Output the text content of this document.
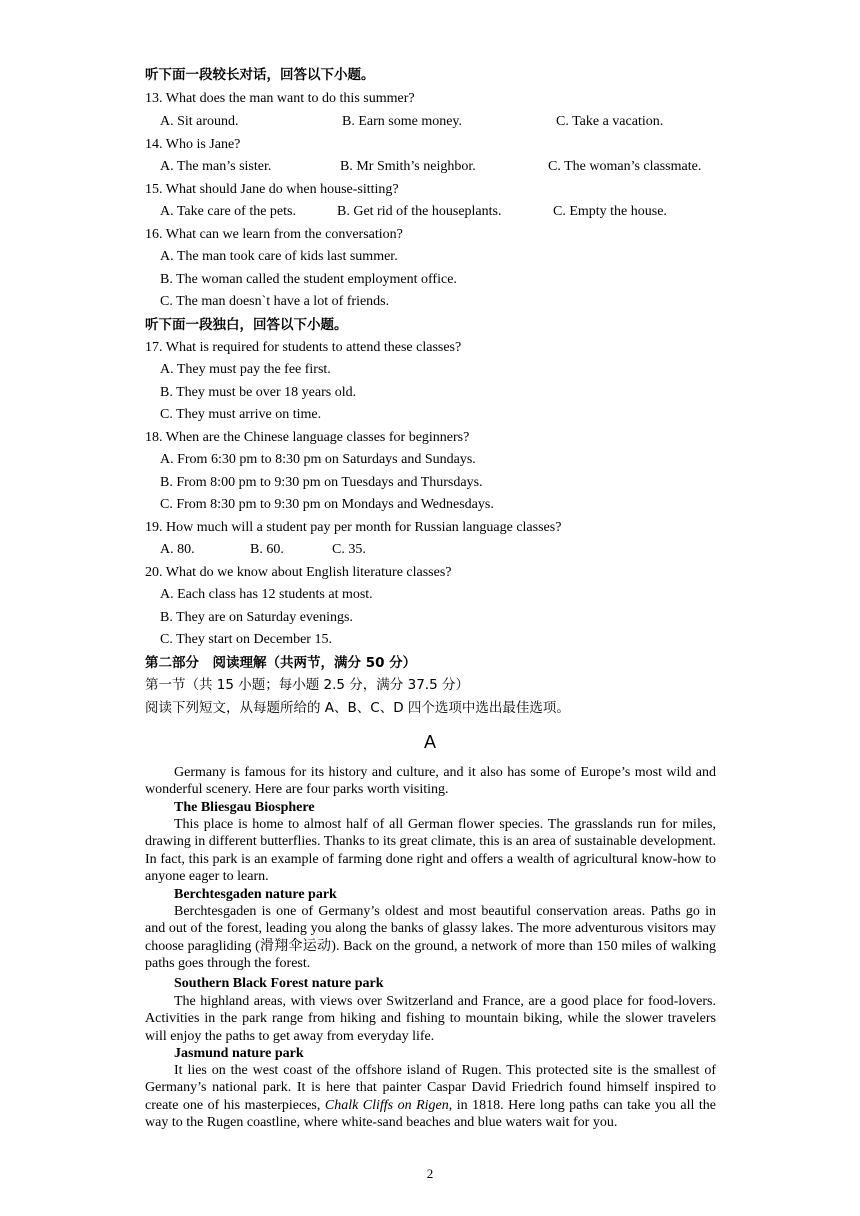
听下面一段较长对话，回答以下小题。
13. What does the man want to do this summer?
A. Sit around.	B. Earn some money.	C. Take a vacation.
14. Who is Jane?
A. The man’s sister.	B. Mr Smith’s neighbor.	C. The woman’s classmate.
15. What should Jane do when house-sitting?
A. Take care of the pets.	B. Get rid of the houseplants.	C. Empty the house.
16. What can we learn from the conversation?
A. The man took care of kids last summer.
B. The woman called the student employment office.
C. The man doesn`t have a lot of friends.
听下面一段独白，回答以下小题。
17. What is required for students to attend these classes?
A. They must pay the fee first.
B. They must be over 18 years old.
C. They must arrive on time.
18. When are the Chinese language classes for beginners?
A. From 6:30 pm to 8:30 pm on Saturdays and Sundays.
B. From 8:00 pm to 9:30 pm on Tuesdays and Thursdays.
C. From 8:30 pm to 9:30 pm on Mondays and Wednesdays.
19. How much will a student pay per month for Russian language classes?
A. 80.	B. 60.	C. 35.
20. What do we know about English literature classes?
A. Each class has 12 students at most.
B. They are on Saturday evenings.
C. They start on December 15.
第二部分　阅读理解（共两节，满分 50 分）
第一节（共 15 小题；每小题 2.5 分，满分 37.5 分）
阅读下列短文，从每题所给的 A、B、C、D 四个选项中选出最佳选项。
A
Germany is famous for its history and culture, and it also has some of Europe’s most wild and wonderful scenery. Here are four parks worth visiting.
The Bliesgau Biosphere
This place is home to almost half of all German flower species. The grasslands run for miles, drawing in different butterflies. Thanks to its great climate, this is an area of sustainable development. In fact, this park is an example of farming done right and offers a wealth of agricultural know-how to anyone eager to learn.
Berchtesgaden nature park
Berchtesgaden is one of Germany’s oldest and most beautiful conservation areas. Paths go in and out of the forest, leading you along the banks of glassy lakes. The more adventurous visitors may choose paragliding (滑翔伞运动). Back on the ground, a network of more than 150 miles of walking paths goes through the forest.
Southern Black Forest nature park
The highland areas, with views over Switzerland and France, are a good place for food-lovers. Activities in the park range from hiking and fishing to mountain biking, while the slower travelers will enjoy the paths to get away from everyday life.
Jasmund nature park
It lies on the west coast of the offshore island of Rugen. This protected site is the smallest of Germany’s national park. It is here that painter Caspar David Friedrich found himself inspired to create one of his masterpieces, Chalk Cliffs on Rigen, in 1818. Here long paths can take you all the way to the Rugen coastline, where white-sand beaches and blue waters wait for you.
2
